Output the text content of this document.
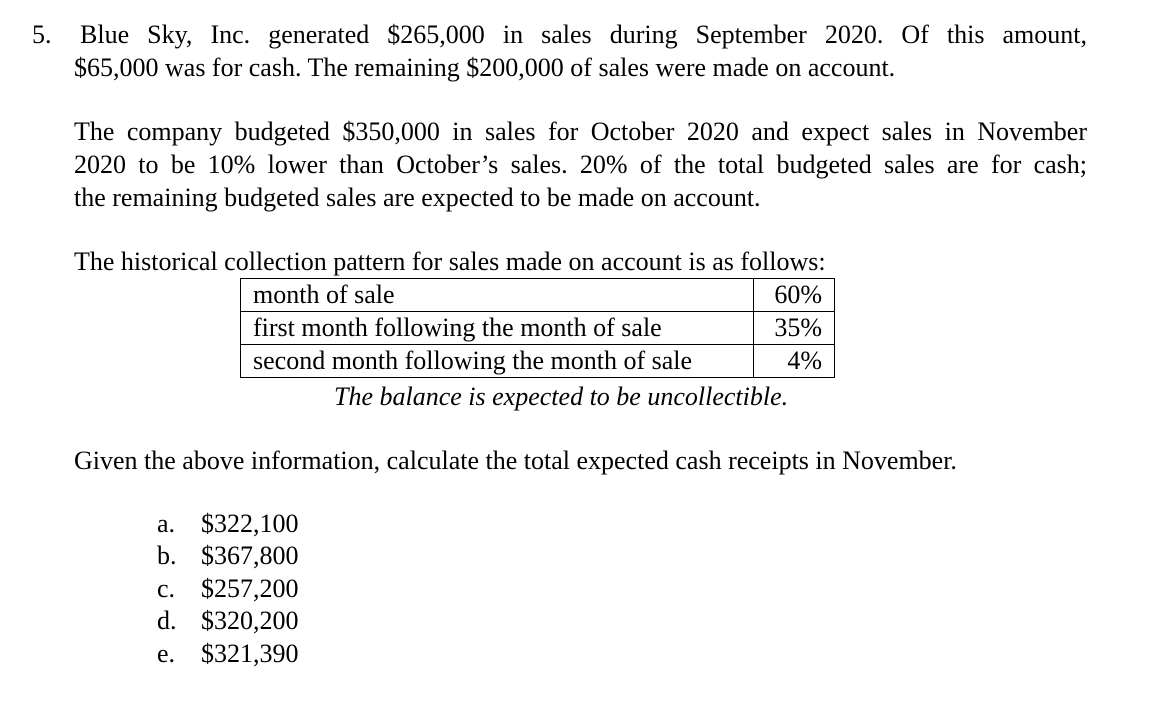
5. Blue Sky, Inc. generated $265,000 in sales during September 2020. Of this amount,
$65,000 was for cash. The remaining $200,000 of sales were made on account.
The company budgeted $350,000 in sales for October 2020 and expect sales in November
2020 to be 10% lower than October’s sales. 20% of the total budgeted sales are for cash;
the remaining budgeted sales are expected to be made on account.
The historical collection pattern for sales made on account is as follows:
month of sale	60%
first month following the month of sale	35%
second month following the month of sale	4%
The balance is expected to be uncollectible.
Given the above information, calculate the total expected cash receipts in November.
a. $322,100
b. $367,800
c. $257,200
d. $320,200
e. $321,390
